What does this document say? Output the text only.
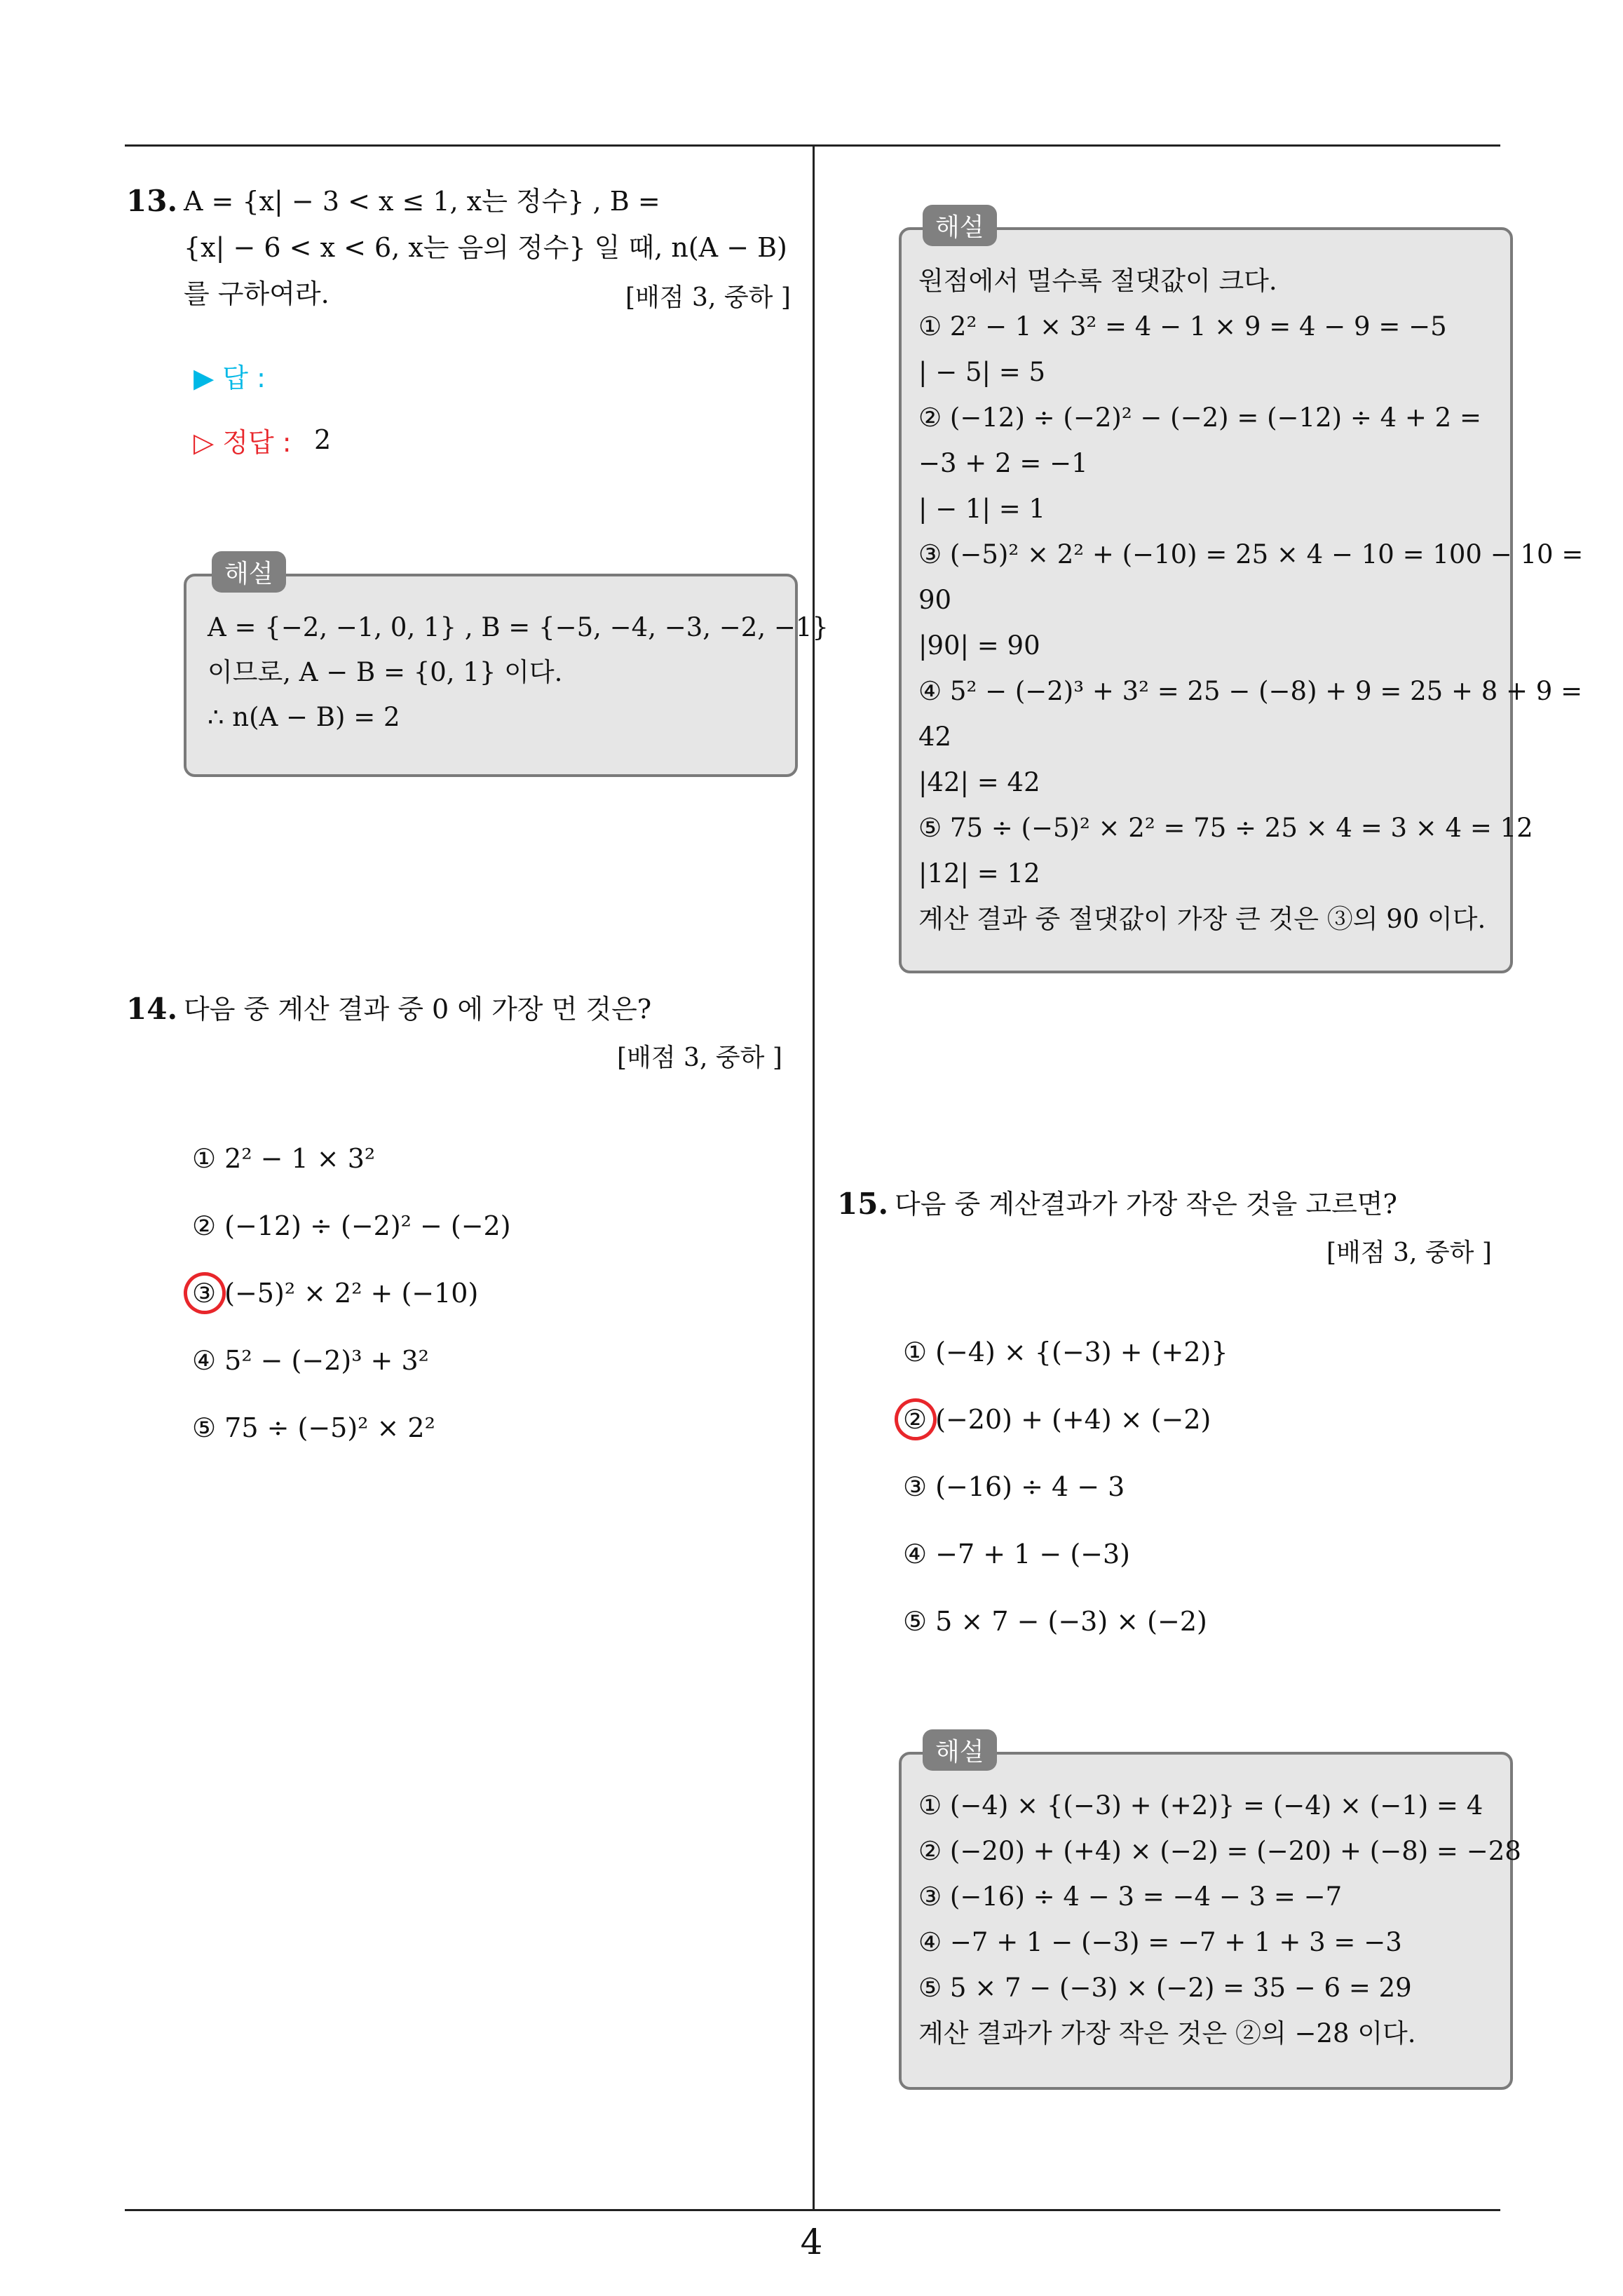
4
13. A = {x| − 3 < x ≤ 1, x는 정수} , B =
{x| − 6 < x < 6, x는 음의 정수} 일 때, n(A − B)
를 구하여라.	[배점 3, 중하 ]
▶ 답 :
▷ 정답 : 2
해설
A = {−2, −1, 0, 1} , B = {−5, −4, −3, −2, −1}
이므로, A − B = {0, 1} 이다.
∴ n(A − B) = 2
14. 다음 중 계산 결과 중 0 에 가장 먼 것은?
[배점 3, 중하 ]
① 2² − 1 × 3²
② (−12) ÷ (−2)² − (−2)
③ (−5)² × 2² + (−10)
④ 5² − (−2)³ + 3²
⑤ 75 ÷ (−5)² × 2²
해설
원점에서 멀수록 절댓값이 크다.
① 2² − 1 × 3² = 4 − 1 × 9 = 4 − 9 = −5
| − 5| = 5
② (−12) ÷ (−2)² − (−2) = (−12) ÷ 4 + 2 =
−3 + 2 = −1
| − 1| = 1
③ (−5)² × 2² + (−10) = 25 × 4 − 10 = 100 − 10 =
90
|90| = 90
④ 5² − (−2)³ + 3² = 25 − (−8) + 9 = 25 + 8 + 9 =
42
|42| = 42
⑤ 75 ÷ (−5)² × 2² = 75 ÷ 25 × 4 = 3 × 4 = 12
|12| = 12
계산 결과 중 절댓값이 가장 큰 것은 ③의 90 이다.
15. 다음 중 계산결과가 가장 작은 것을 고르면?
[배점 3, 중하 ]
① (−4) × {(−3) + (+2)}
② (−20) + (+4) × (−2)
③ (−16) ÷ 4 − 3
④ −7 + 1 − (−3)
⑤ 5 × 7 − (−3) × (−2)
해설
① (−4) × {(−3) + (+2)} = (−4) × (−1) = 4
② (−20) + (+4) × (−2) = (−20) + (−8) = −28
③ (−16) ÷ 4 − 3 = −4 − 3 = −7
④ −7 + 1 − (−3) = −7 + 1 + 3 = −3
⑤ 5 × 7 − (−3) × (−2) = 35 − 6 = 29
계산 결과가 가장 작은 것은 ②의 −28 이다.
